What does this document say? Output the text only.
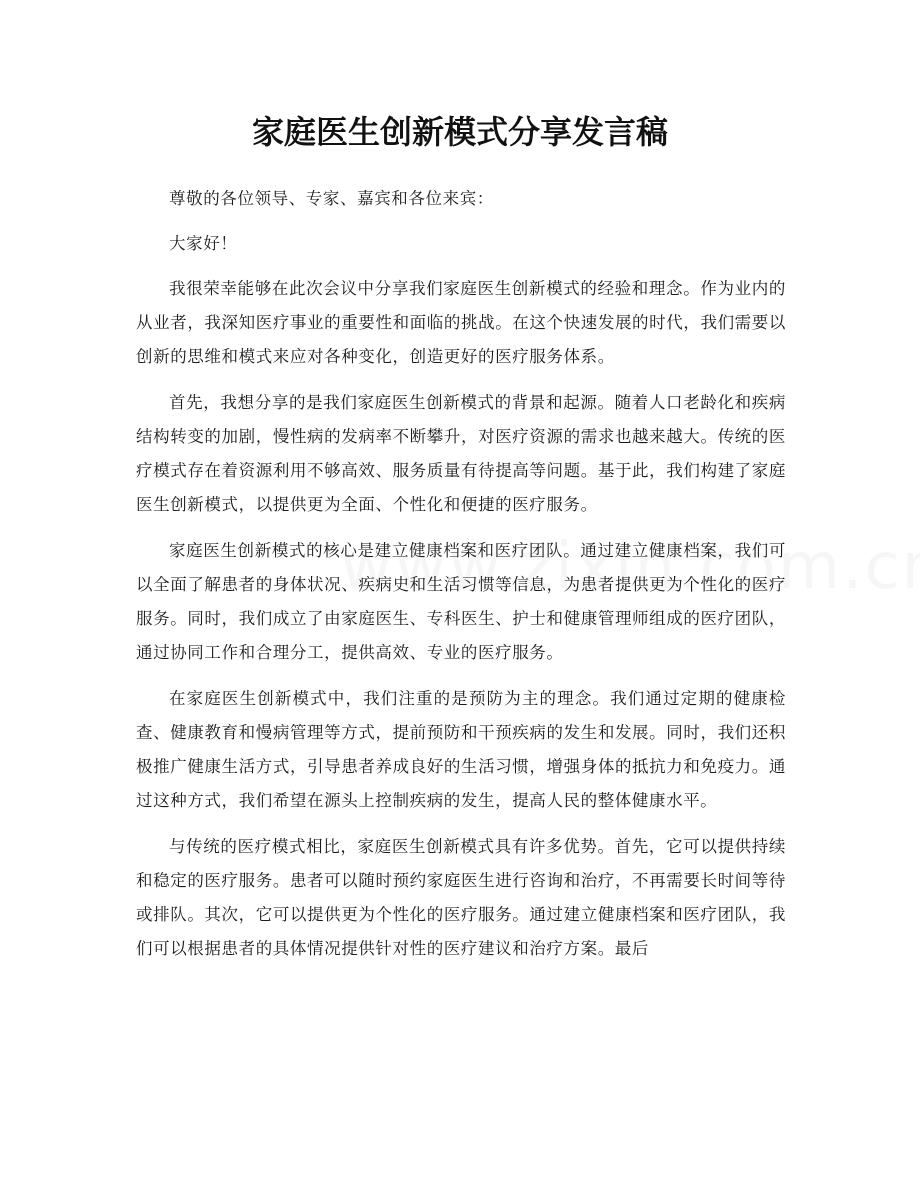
家庭医生创新模式分享发言稿

尊敬的各位领导、专家、嘉宾和各位来宾：

大家好！

我很荣幸能够在此次会议中分享我们家庭医生创新模式的经验和理念。作为业内的从业者，我深知医疗事业的重要性和面临的挑战。在这个快速发展的时代，我们需要以创新的思维和模式来应对各种变化，创造更好的医疗服务体系。

首先，我想分享的是我们家庭医生创新模式的背景和起源。随着人口老龄化和疾病结构转变的加剧，慢性病的发病率不断攀升，对医疗资源的需求也越来越大。传统的医疗模式存在着资源利用不够高效、服务质量有待提高等问题。基于此，我们构建了家庭医生创新模式，以提供更为全面、个性化和便捷的医疗服务。

家庭医生创新模式的核心是建立健康档案和医疗团队。通过建立健康档案，我们可以全面了解患者的身体状况、疾病史和生活习惯等信息，为患者提供更为个性化的医疗服务。同时，我们成立了由家庭医生、专科医生、护士和健康管理师组成的医疗团队，通过协同工作和合理分工，提供高效、专业的医疗服务。

在家庭医生创新模式中，我们注重的是预防为主的理念。我们通过定期的健康检查、健康教育和慢病管理等方式，提前预防和干预疾病的发生和发展。同时，我们还积极推广健康生活方式，引导患者养成良好的生活习惯，增强身体的抵抗力和免疫力。通过这种方式，我们希望在源头上控制疾病的发生，提高人民的整体健康水平。

与传统的医疗模式相比，家庭医生创新模式具有许多优势。首先，它可以提供持续和稳定的医疗服务。患者可以随时预约家庭医生进行咨询和治疗，不再需要长时间等待或排队。其次，它可以提供更为个性化的医疗服务。通过建立健康档案和医疗团队，我们可以根据患者的具体情况提供针对性的医疗建议和治疗方案。最后
